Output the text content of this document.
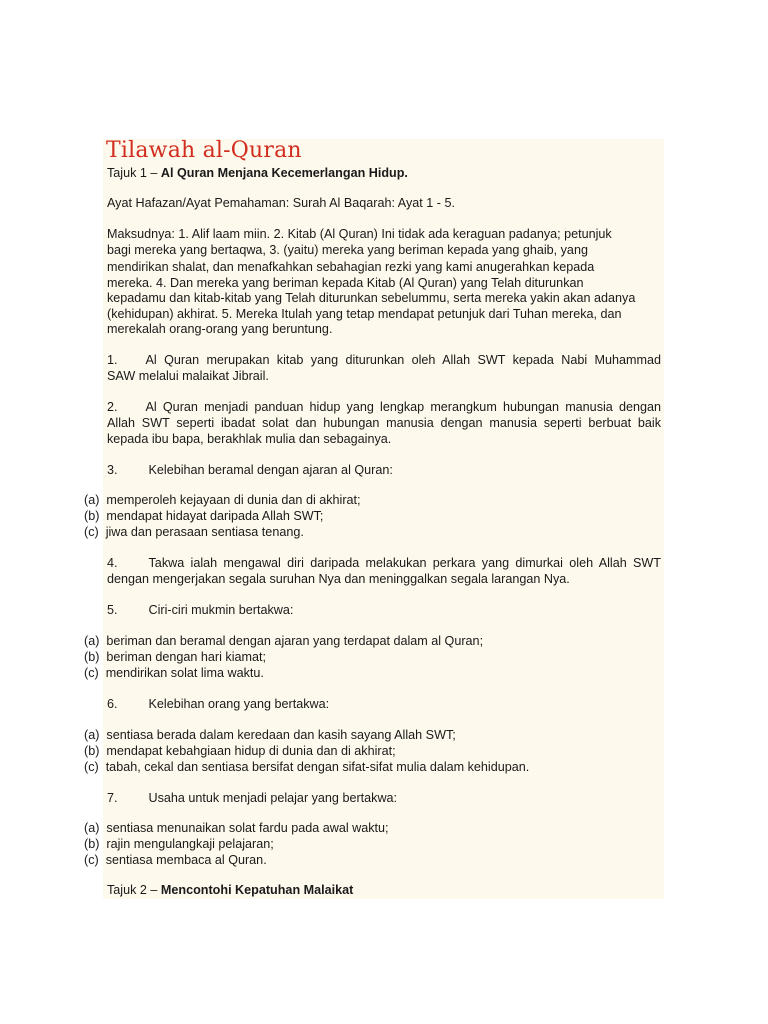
Tilawah al-Quran
Tajuk 1 – Al Quran Menjana Kecemerlangan Hidup.
Ayat Hafazan/Ayat Pemahaman: Surah Al Baqarah: Ayat 1 - 5.
Maksudnya: 1. Alif laam miin. 2. Kitab (Al Quran) Ini tidak ada keraguan padanya; petunjuk
bagi mereka yang bertaqwa, 3. (yaitu) mereka yang beriman kepada yang ghaib, yang
mendirikan shalat, dan menafkahkan sebahagian rezki yang kami anugerahkan kepada
mereka. 4. Dan mereka yang beriman kepada Kitab (Al Quran) yang Telah diturunkan
kepadamu dan kitab-kitab yang Telah diturunkan sebelummu, serta mereka yakin akan adanya
(kehidupan) akhirat. 5. Mereka Itulah yang tetap mendapat petunjuk dari Tuhan mereka, dan
merekalah orang-orang yang beruntung.
1. Al Quran merupakan kitab yang diturunkan oleh Allah SWT kepada Nabi Muhammad
SAW melalui malaikat Jibrail.
2. Al Quran menjadi panduan hidup yang lengkap merangkum hubungan manusia dengan
Allah SWT seperti ibadat solat dan hubungan manusia dengan manusia seperti berbuat baik
kepada ibu bapa, berakhlak mulia dan sebagainya.
3. Kelebihan beramal dengan ajaran al Quran:
(a) memperoleh kejayaan di dunia dan di akhirat;
(b) mendapat hidayat daripada Allah SWT;
(c) jiwa dan perasaan sentiasa tenang.
4. Takwa ialah mengawal diri daripada melakukan perkara yang dimurkai oleh Allah SWT
dengan mengerjakan segala suruhan Nya dan meninggalkan segala larangan Nya.
5. Ciri-ciri mukmin bertakwa:
(a) beriman dan beramal dengan ajaran yang terdapat dalam al Quran;
(b) beriman dengan hari kiamat;
(c) mendirikan solat lima waktu.
6. Kelebihan orang yang bertakwa:
(a) sentiasa berada dalam keredaan dan kasih sayang Allah SWT;
(b) mendapat kebahgiaan hidup di dunia dan di akhirat;
(c) tabah, cekal dan sentiasa bersifat dengan sifat-sifat mulia dalam kehidupan.
7. Usaha untuk menjadi pelajar yang bertakwa:
(a) sentiasa menunaikan solat fardu pada awal waktu;
(b) rajin mengulangkaji pelajaran;
(c) sentiasa membaca al Quran.
Tajuk 2 – Mencontohi Kepatuhan Malaikat
